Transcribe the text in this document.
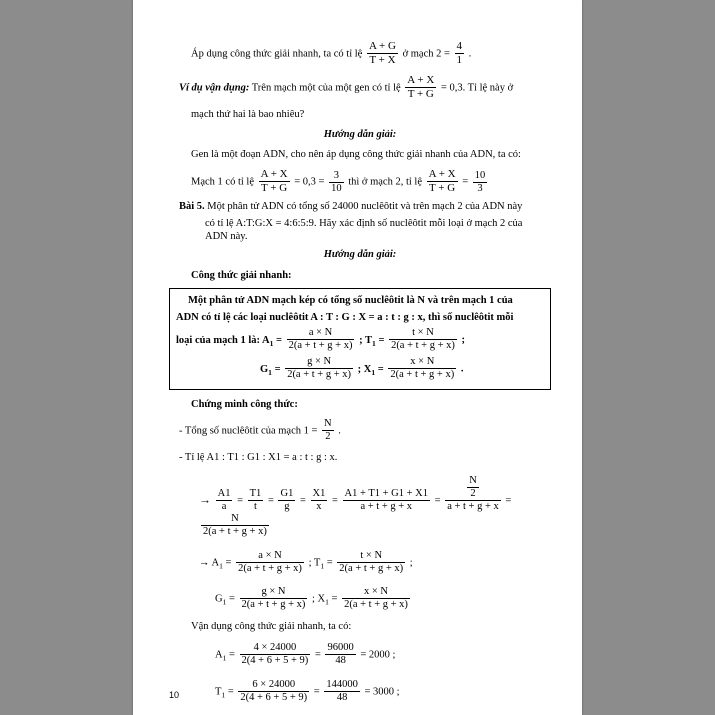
Áp dụng công thức giải nhanh, ta có tỉ lệ $\frac{A + G}{T + X}$ ở mạch $2 = \frac{4}{1}$ .

Ví dụ vận dụng: Trên mạch một của một gen có tỉ lệ $\frac{A + X}{T + G} = 0,3$. Tỉ lệ này ở

mạch thứ hai là bao nhiêu?

Hướng dẫn giải:

Gen là một đoạn ADN, cho nên áp dụng công thức giải nhanh của ADN, ta có:

Mạch 1 có tỉ lệ $\frac{A + X}{T + G} = 0,3 = \frac{3}{10}$ thì ở mạch 2, tỉ lệ $\frac{A + X}{T + G} = \frac{10}{3}$

Bài 5. Một phân tử ADN có tổng số 24000 nuclêôtit và trên mạch 2 của ADN này

có tỉ lệ A:T:G:X = 4:6:5:9. Hãy xác định số nuclêôtit mỗi loại ở mạch 2 của

ADN này.

Hướng dẫn giải:

Công thức giải nhanh:

Một phân tử ADN mạch kép có tổng số nuclêôtit là N và trên mạch 1 của

ADN có tỉ lệ các loại nuclêôtit A : T : G : X = a : t : g : x, thì số nuclêôtit mỗi

loại của mạch 1 là: $A_1 = \frac{a \times N}{2(a + t + g + x)}$ ; $T_1 = \frac{t \times N}{2(a + t + g + x)}$ ;

$G_1 = \frac{g \times N}{2(a + t + g + x)}$ ; $X_1 = \frac{x \times N}{2(a + t + g + x)}$ .

Chứng minh công thức:

- Tổng số nuclêôtit của mạch $1 = \frac{N}{2}$ .

- Tỉ lệ A1 : T1 : G1 : X1 = a : t : g : x.

→ $\frac{A1}{a} = \frac{T1}{t} = \frac{G1}{g} = \frac{X1}{x} = \frac{A1 + T1 + G1 + X1}{a + t + g + x} = \frac{\frac{N}{2}}{a + t + g + x}$ =
$\frac{N}{2(a + t + g + x)}$

→ $A_1 = \frac{a \times N}{2(a + t + g + x)}$ ; $T_1 = \frac{t \times N}{2(a + t + g + x)}$ ;

$G_1 = \frac{g \times N}{2(a + t + g + x)}$ ; $X_1 = \frac{x \times N}{2(a + t + g + x)}$

Vận dụng công thức giải nhanh, ta có:

$A_1 = \frac{4 \times 24000}{2(4 + 6 + 5 + 9)} = \frac{96000}{48} = 2000$ ;

$T_1 = \frac{6 \times 24000}{2(4 + 6 + 5 + 9)} = \frac{144000}{48} = 3000$ ;

10
